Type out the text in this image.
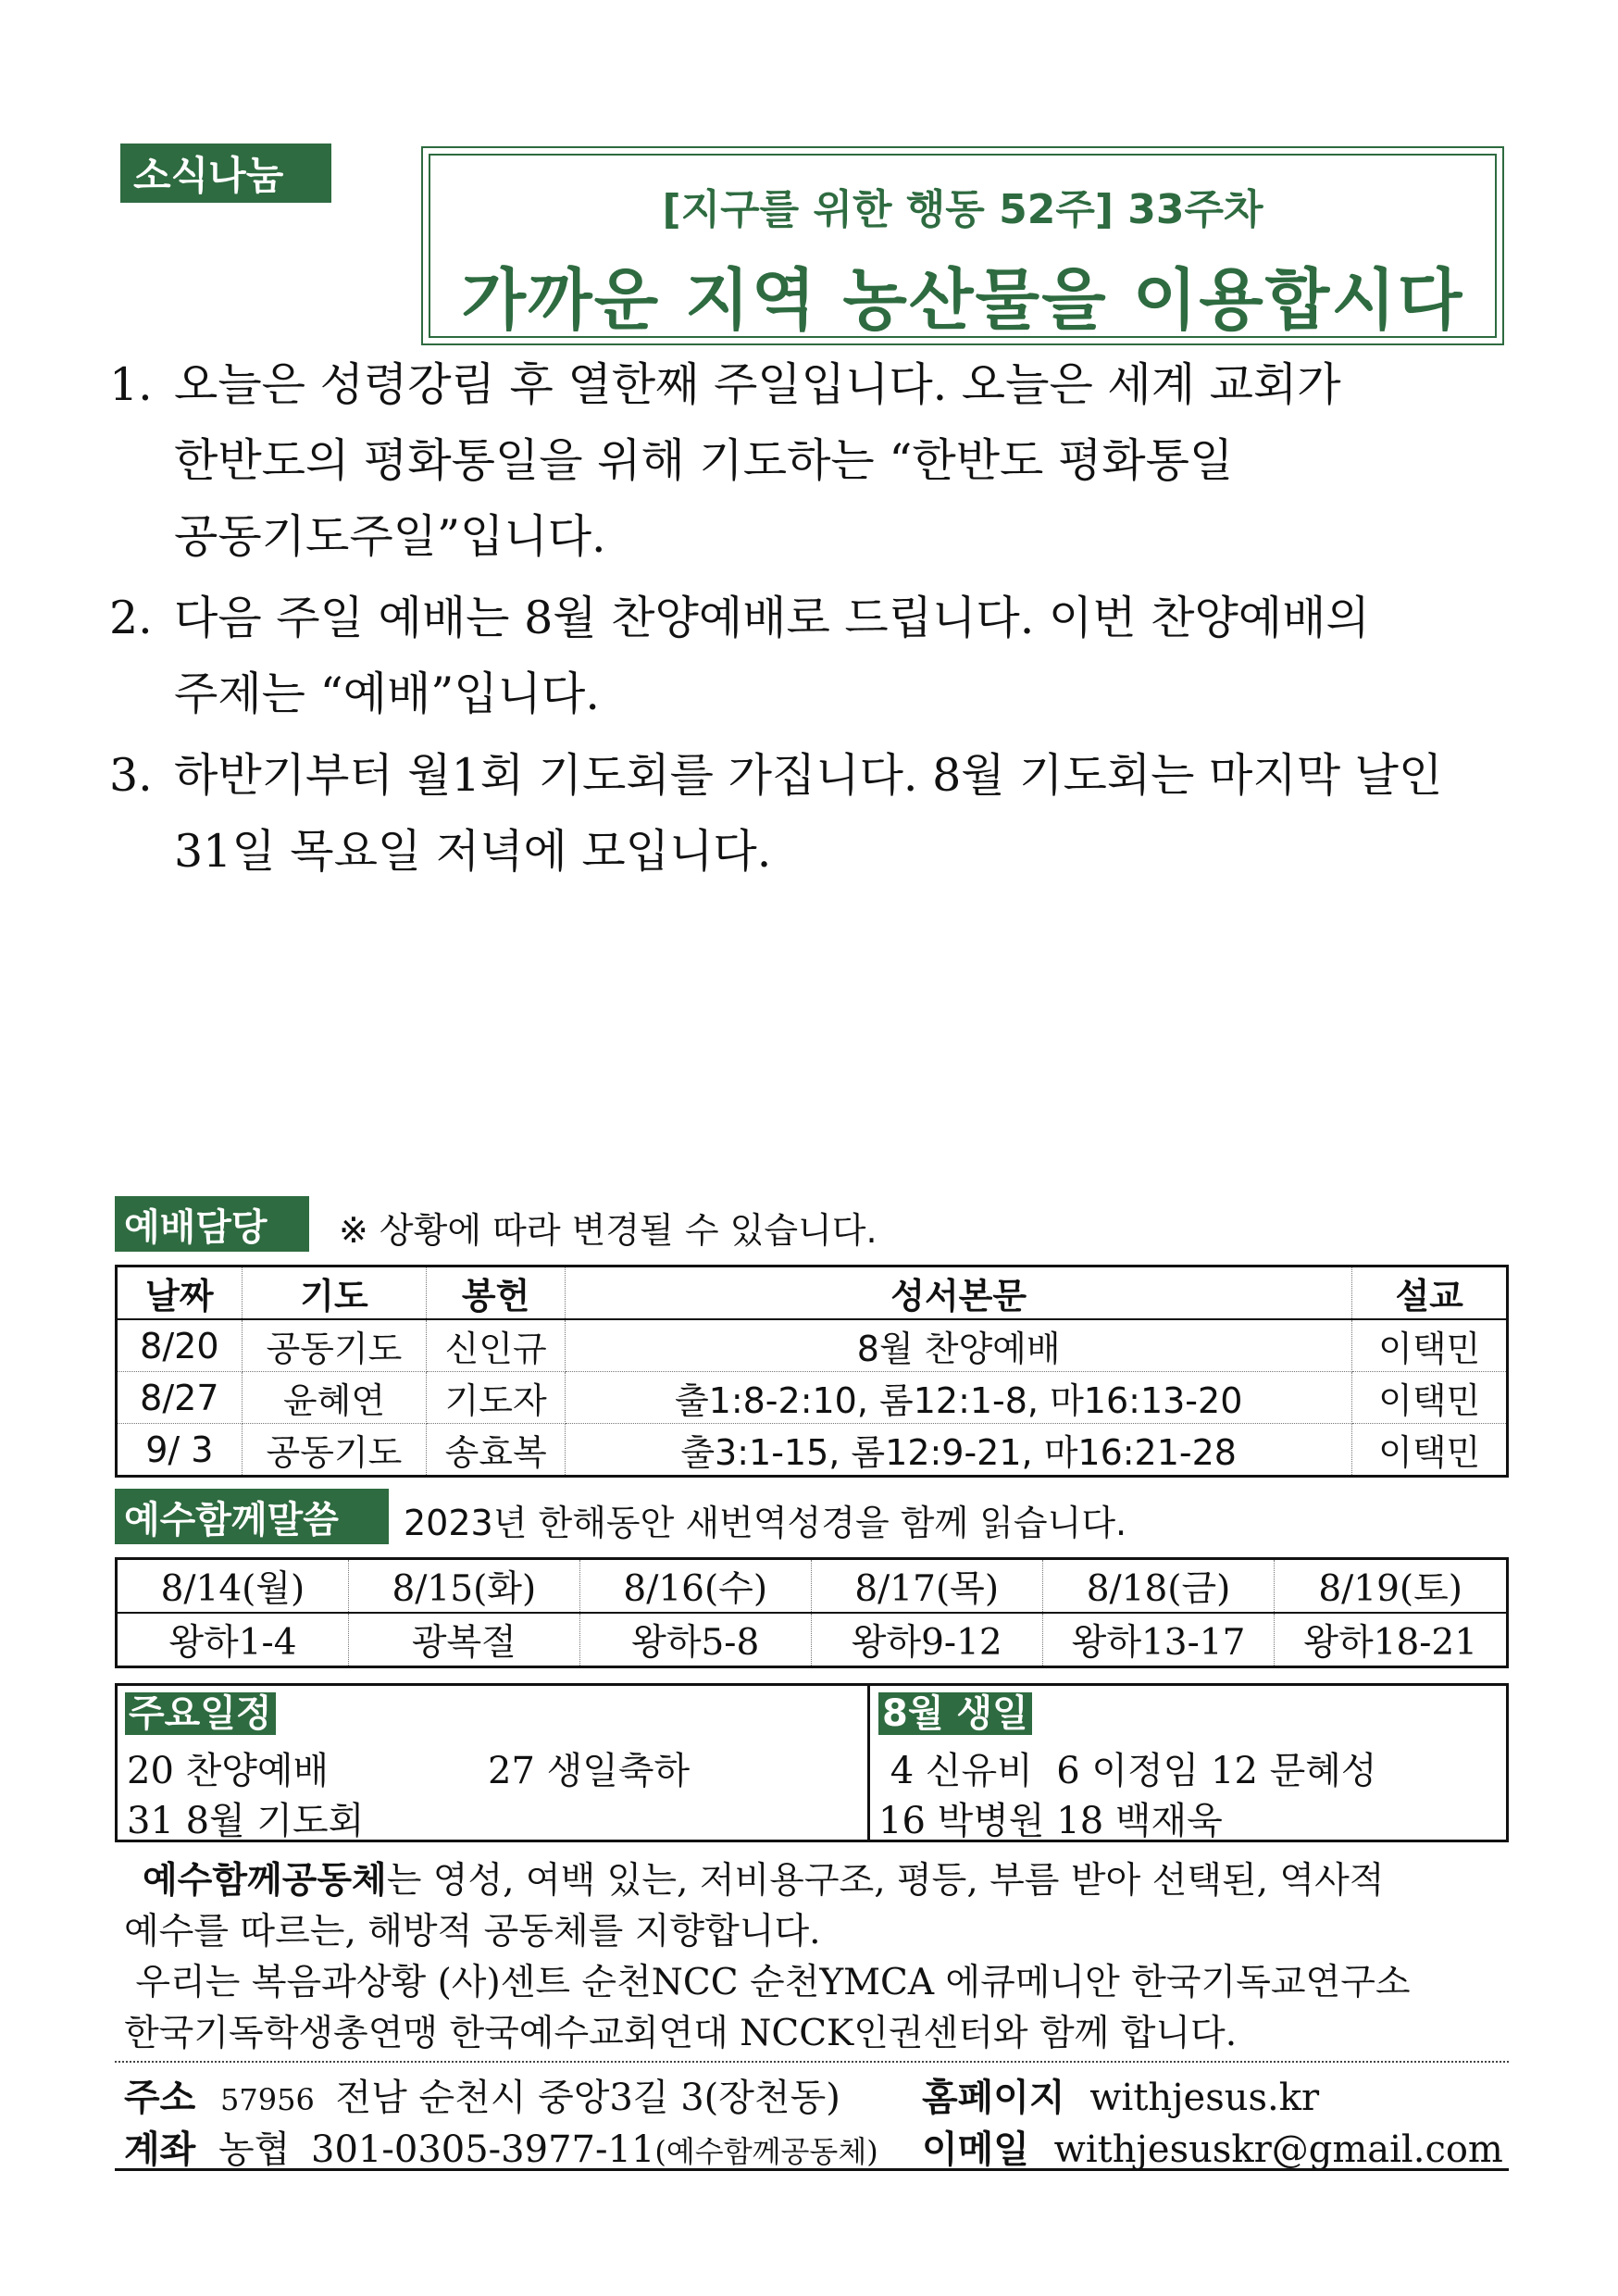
소식나눔
[지구를 위한 행동 52주] 33주차
가까운 지역 농산물을 이용합시다
1. 오늘은 성령강림 후 열한째 주일입니다. 오늘은 세계 교회가
한반도의 평화통일을 위해 기도하는 “한반도 평화통일
공동기도주일”입니다.
2. 다음 주일 예배는 8월 찬양예배로 드립니다. 이번 찬양예배의
주제는 “예배”입니다.
3. 하반기부터 월1회 기도회를 가집니다. 8월 기도회는 마지막 날인
31일 목요일 저녁에 모입니다.
예배담당	※ 상황에 따라 변경될 수 있습니다.
날짜	기도	봉헌	성서본문	설교
8/20	공동기도	신인규	8월 찬양예배	이택민
8/27	윤혜연	기도자	출1:8-2:10, 롬12:1-8, 마16:13-20	이택민
9/ 3	공동기도	송효복	출3:1-15, 롬12:9-21, 마16:21-28	이택민
예수함께말씀	2023년 한해동안 새번역성경을 함께 읽습니다.
8/14(월)	8/15(화)	8/16(수)	8/17(목)	8/18(금)	8/19(토)
왕하1-4	광복절	왕하5-8	왕하9-12	왕하13-17	왕하18-21
주요일정
20 찬양예배	27 생일축하
31 8월 기도회
8월 생일
4 신유비  6 이정임 12 문혜성
16 박병원 18 백재욱
예수함께공동체는 영성, 여백 있는, 저비용구조, 평등, 부름 받아 선택된, 역사적
예수를 따르는, 해방적 공동체를 지향합니다.
우리는 복음과상황 (사)센트 순천NCC 순천YMCA 에큐메니안 한국기독교연구소
한국기독학생총연맹 한국예수교회연대 NCCK인권센터와 함께 합니다.
주소 57956 전남 순천시 중앙3길 3(장천동) 홈페이지 withjesus.kr
계좌 농협 301-0305-3977-11(예수함께공동체) 이메일 withjesuskr@gmail.com
